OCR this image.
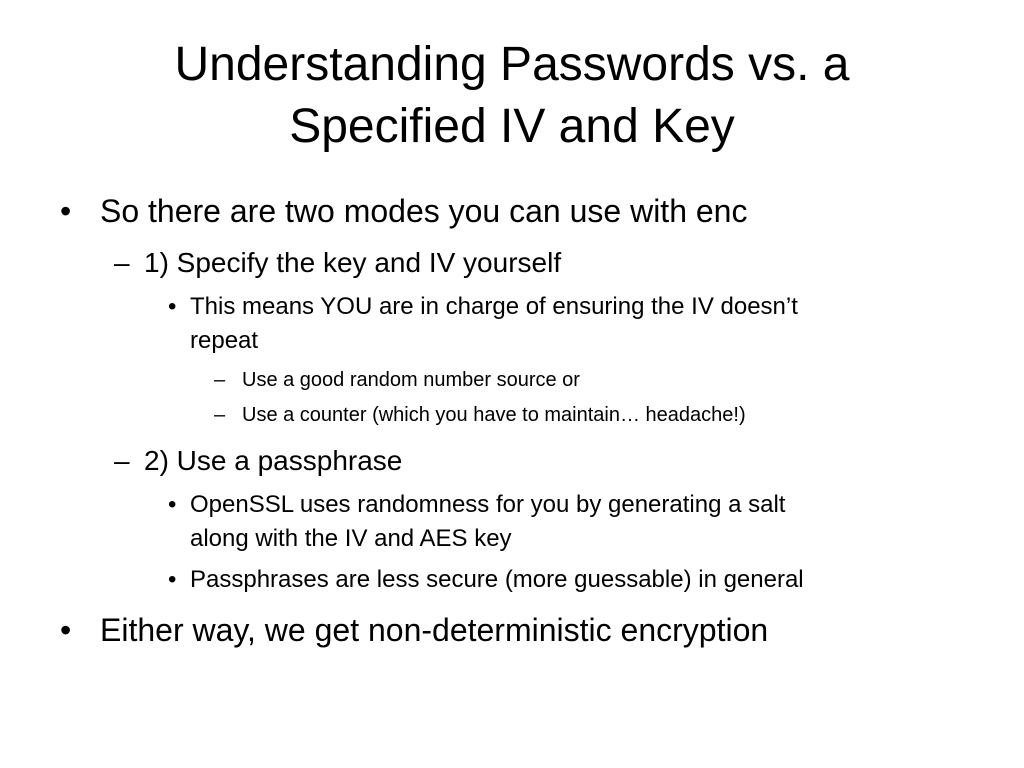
Understanding Passwords vs. a
Specified IV and Key
• So there are two modes you can use with enc
– 1) Specify the key and IV yourself
• This means YOU are in charge of ensuring the IV doesn’t
repeat
– Use a good random number source or
– Use a counter (which you have to maintain… headache!)
– 2) Use a passphrase
• OpenSSL uses randomness for you by generating a salt
along with the IV and AES key
• Passphrases are less secure (more guessable) in general
• Either way, we get non-deterministic encryption
